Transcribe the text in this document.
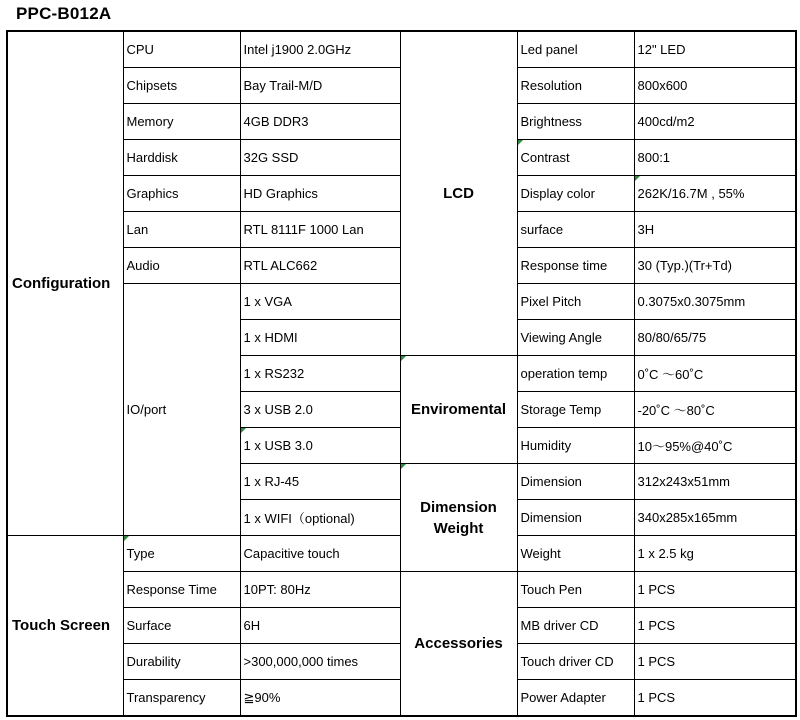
PPC-B012A
Configuration	CPU	Intel j1900 2.0GHz	LCD	Led panel	12" LED
	Chipsets	Bay Trail-M/D		Resolution	800x600
	Memory	4GB DDR3		Brightness	400cd/m2
	Harddisk	32G SSD		Contrast	800:1
	Graphics	HD Graphics		Display color	262K/16.7M , 55%
	Lan	RTL 8111F 1000 Lan		surface	3H
	Audio	RTL ALC662		Response time	30 (Typ.)(Tr+Td)
	IO/port	1 x VGA		Pixel Pitch	0.3075x0.3075mm
		1 x HDMI		Viewing Angle	80/80/65/75
		1 x RS232	Enviromental	operation temp	0˚C ～60˚C
		3 x USB 2.0		Storage Temp	-20˚C ～80˚C
		1 x USB 3.0		Humidity	10～95%@40˚C
		1 x RJ-45	Dimension Weight	Dimension	312x243x51mm
		1 x WIFI（optional)		Dimension	340x285x165mm
Touch Screen	Type	Capacitive touch		Weight	1 x 2.5 kg
	Response Time	10PT: 80Hz	Accessories	Touch Pen	1 PCS
	Surface	6H		MB driver CD	1 PCS
	Durability	>300,000,000 times		Touch driver CD	1 PCS
	Transparency	≧90%		Power Adapter	1 PCS
